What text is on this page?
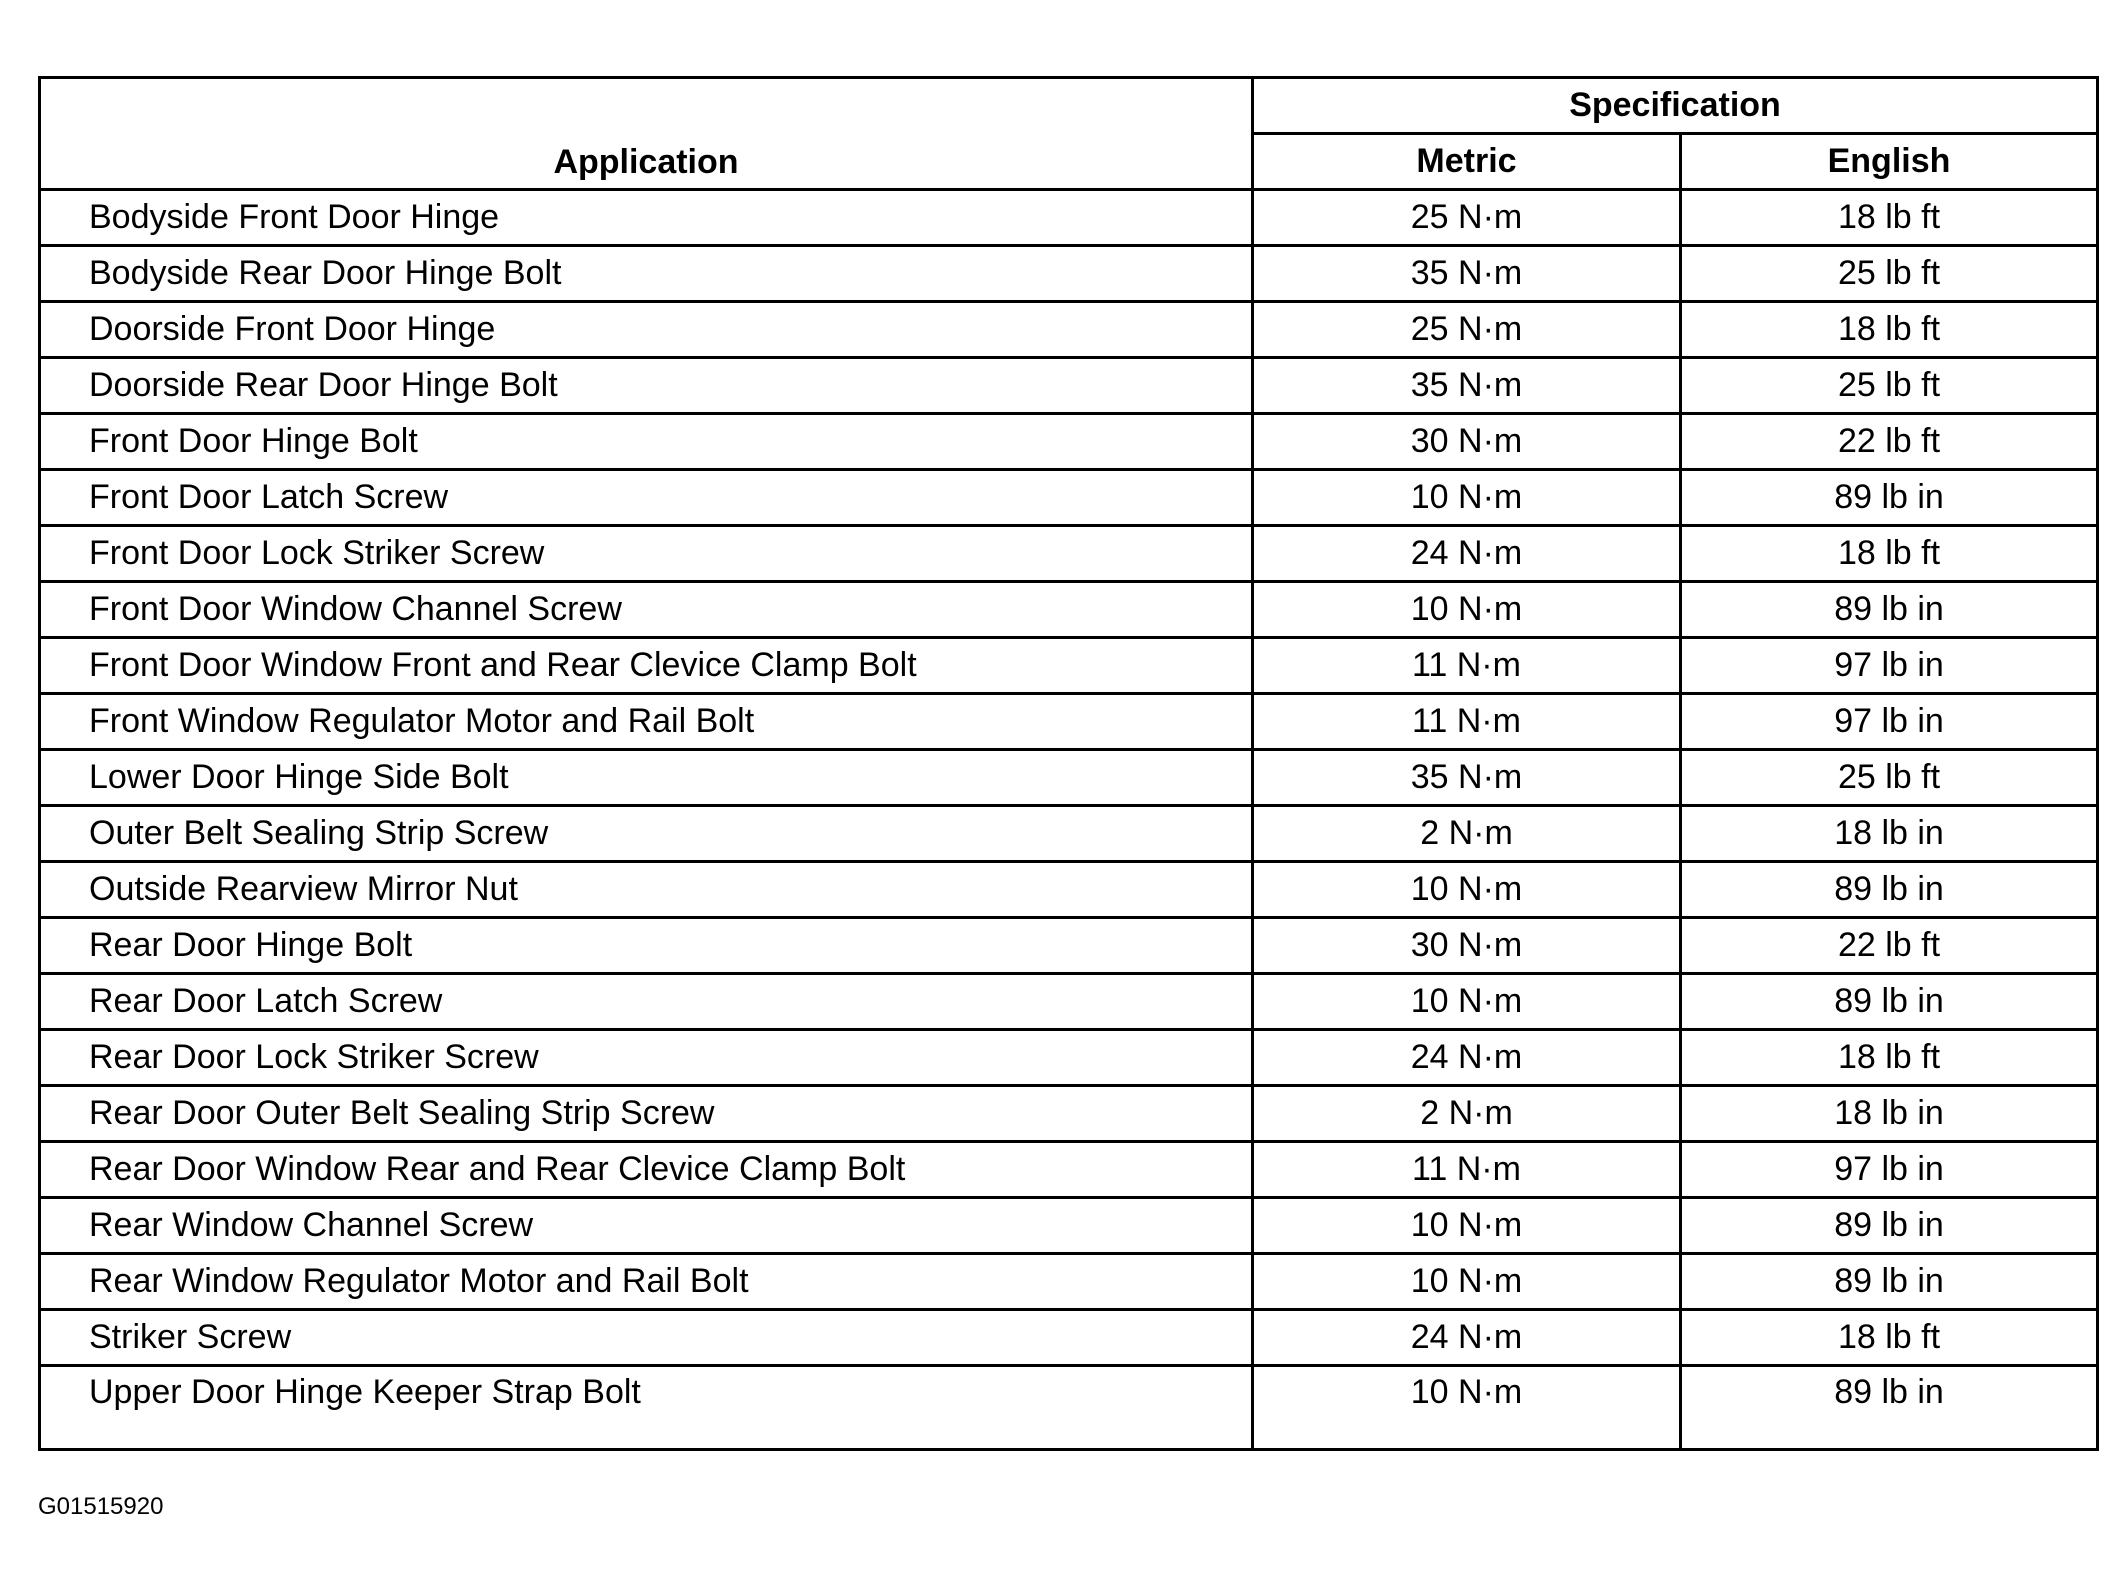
Application	Specification	
	Metric	English
Bodyside Front Door Hinge	25 N·m	18 lb ft
Bodyside Rear Door Hinge Bolt	35 N·m	25 lb ft
Doorside Front Door Hinge	25 N·m	18 lb ft
Doorside Rear Door Hinge Bolt	35 N·m	25 lb ft
Front Door Hinge Bolt	30 N·m	22 lb ft
Front Door Latch Screw	10 N·m	89 lb in
Front Door Lock Striker Screw	24 N·m	18 lb ft
Front Door Window Channel Screw	10 N·m	89 lb in
Front Door Window Front and Rear Clevice Clamp Bolt	11 N·m	97 lb in
Front Window Regulator Motor and Rail Bolt	11 N·m	97 lb in
Lower Door Hinge Side Bolt	35 N·m	25 lb ft
Outer Belt Sealing Strip Screw	2 N·m	18 lb in
Outside Rearview Mirror Nut	10 N·m	89 lb in
Rear Door Hinge Bolt	30 N·m	22 lb ft
Rear Door Latch Screw	10 N·m	89 lb in
Rear Door Lock Striker Screw	24 N·m	18 lb ft
Rear Door Outer Belt Sealing Strip Screw	2 N·m	18 lb in
Rear Door Window Rear and Rear Clevice Clamp Bolt	11 N·m	97 lb in
Rear Window Channel Screw	10 N·m	89 lb in
Rear Window Regulator Motor and Rail Bolt	10 N·m	89 lb in
Striker Screw	24 N·m	18 lb ft
Upper Door Hinge Keeper Strap Bolt	10 N·m	89 lb in
G01515920
